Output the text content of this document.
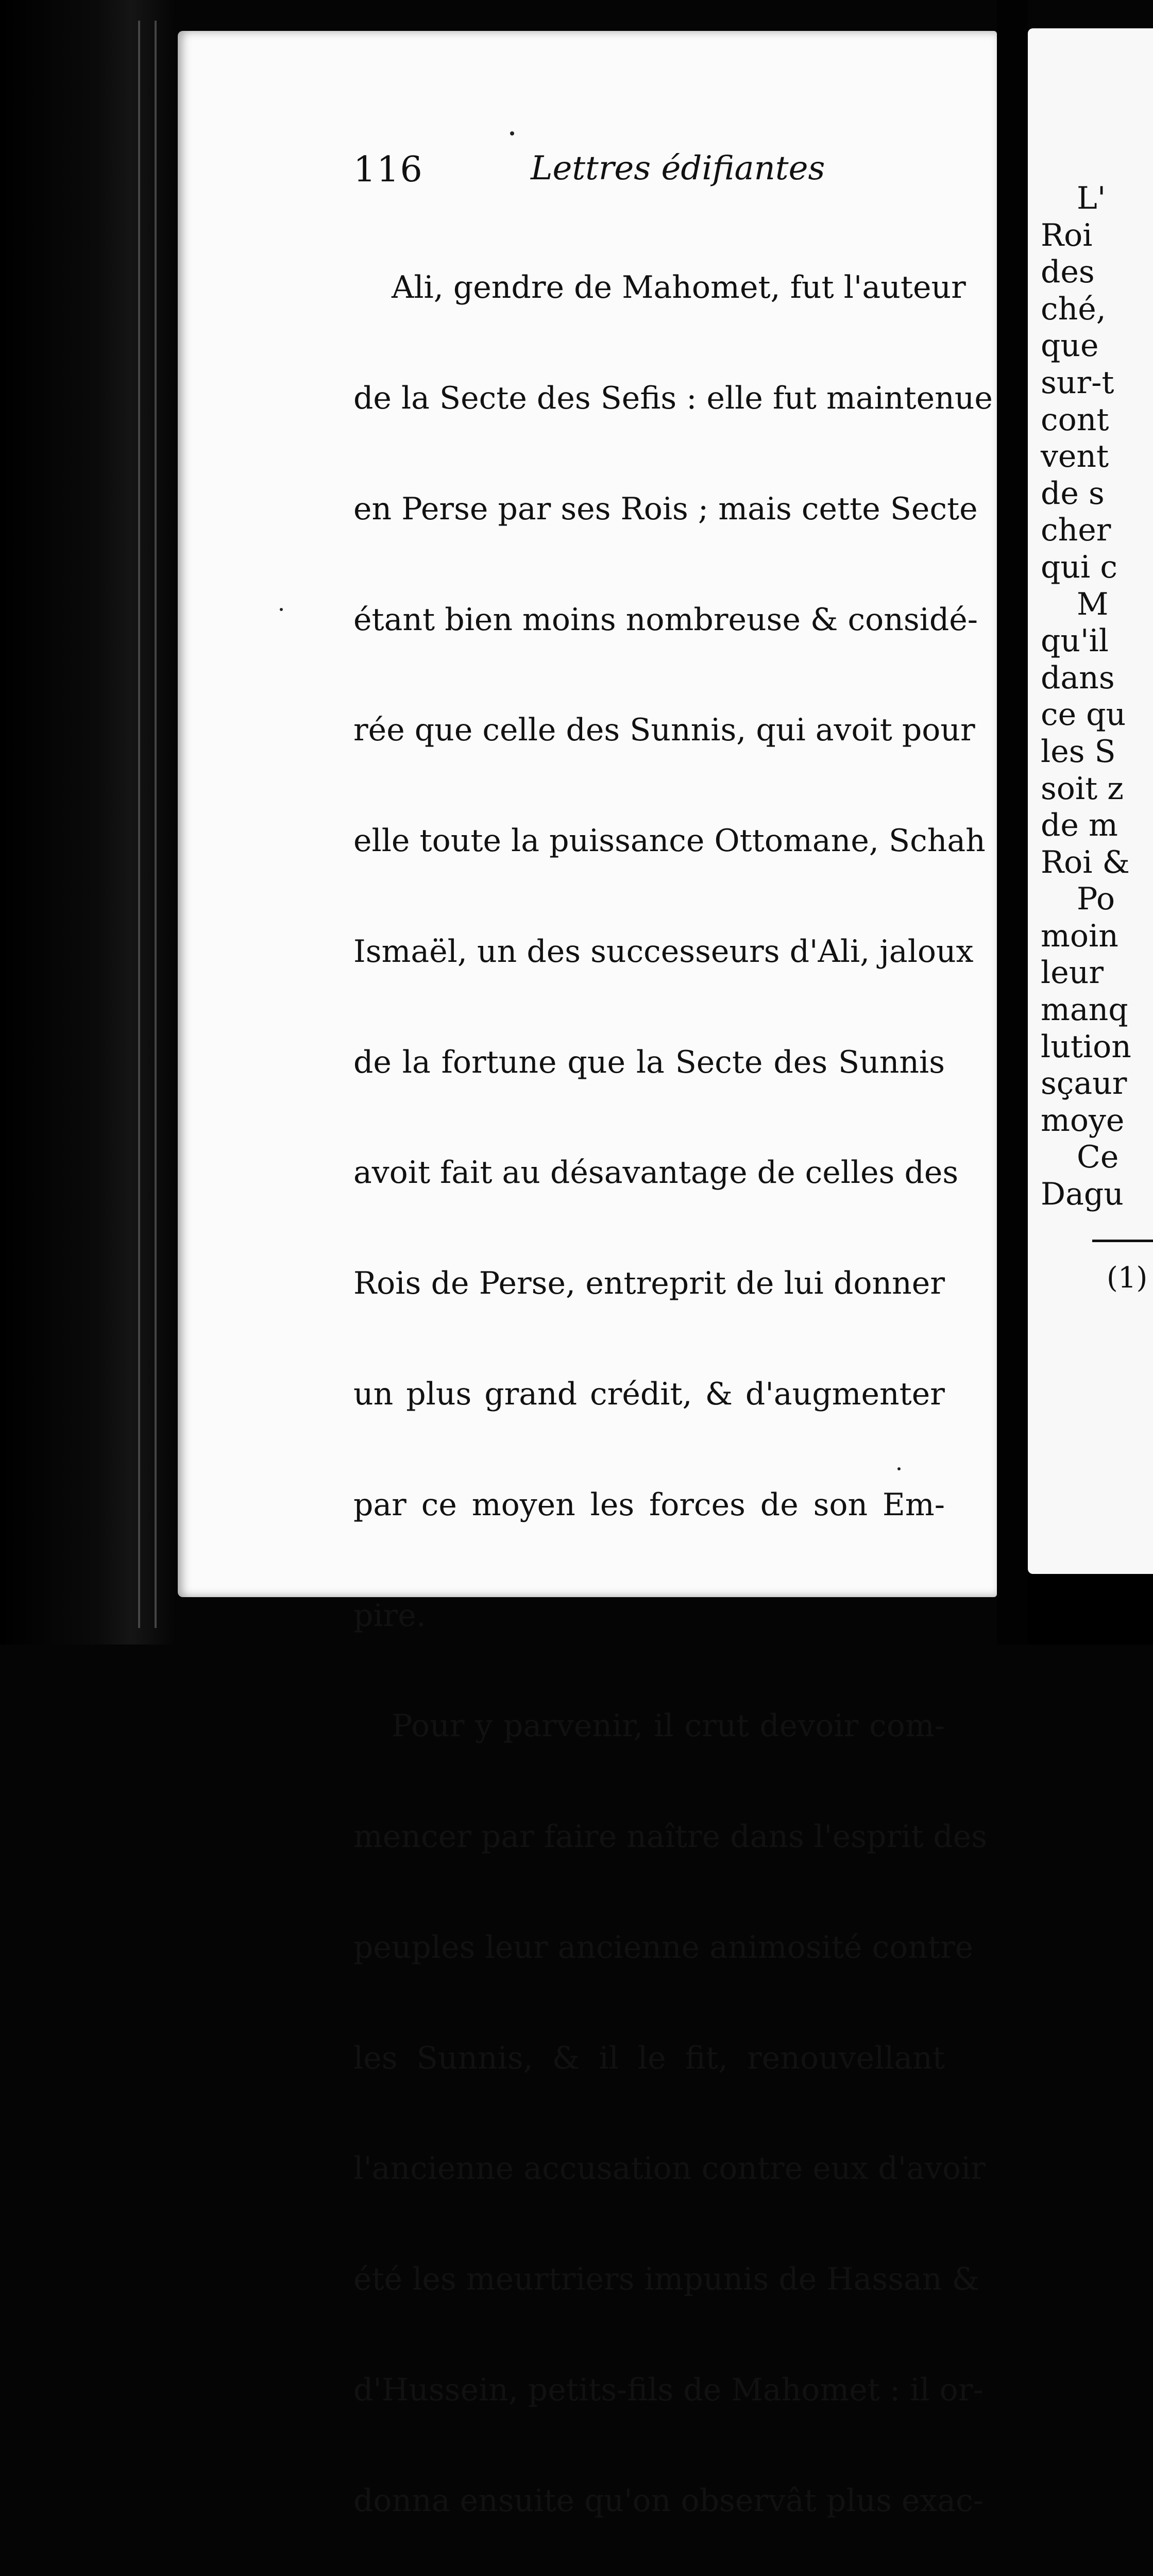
116	Lettres édifiantes

Ali, gendre de Mahomet, fut l'auteur

de la Secte des Sefis : elle fut maintenue

en Perse par ses Rois ; mais cette Secte

étant bien moins nombreuse & considé-

rée que celle des Sunnis, qui avoit pour

elle toute la puissance Ottomane, Schah

Ismaël, un des successeurs d'Ali, jaloux

de la fortune que la Secte des Sunnis

avoit fait au désavantage de celles des

Rois de Perse, entreprit de lui donner

un plus grand crédit, & d'augmenter

par ce moyen les forces de son Em-

pire.

Pour y parvenir, il crut devoir com-

mencer par faire naître dans l'esprit des

peuples leur ancienne animosité contre

les Sunnis, & il le fit, renouvellant

l'ancienne accusation contre eux d'avoir

été les meurtriers impunis de Hassan &

d'Hussein, petits-fils de Mahomet : il or-

donna ensuite qu'on observât plus exac-

L'
Roi
des
ché,
que
sur-t
cont
vent
de s
cher
qui c
M
qu'il
dans
ce qu
les S
soit z
de m
Roi &
Po
moin
leur
manq
lution
sçaur
moye
Ce
Dagu
(1)
